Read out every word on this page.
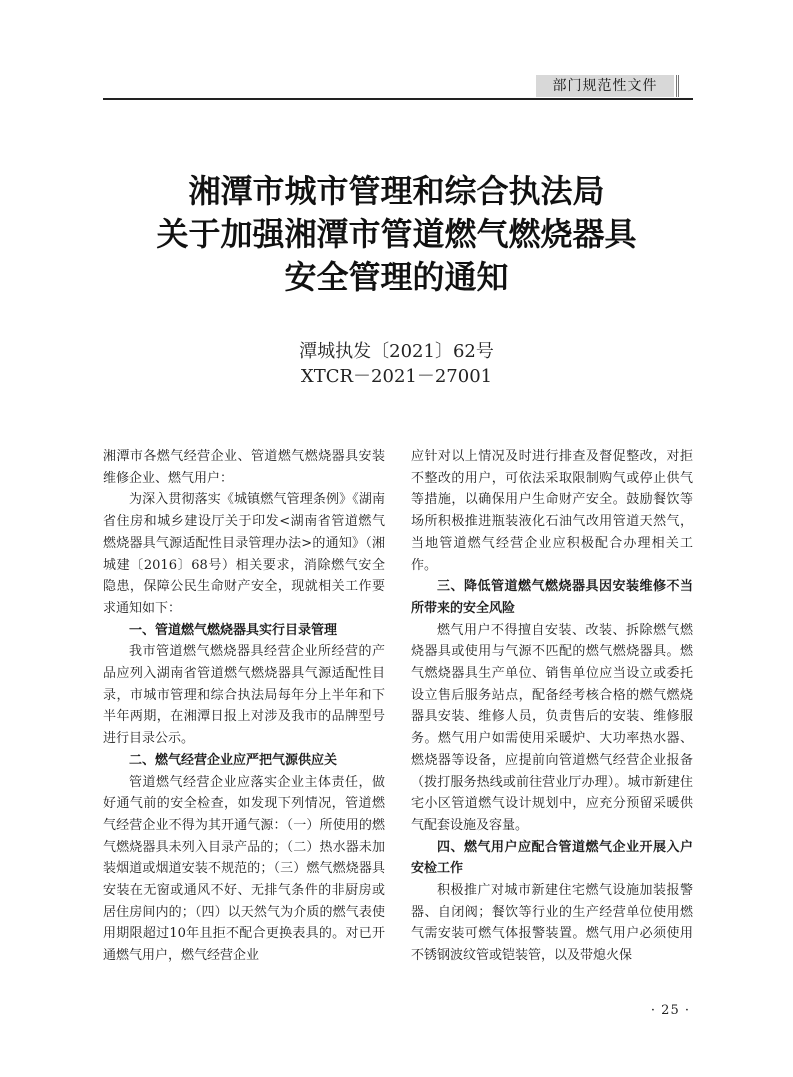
部门规范性文件
湘潭市城市管理和综合执法局
关于加强湘潭市管道燃气燃烧器具
安全管理的通知
潭城执发〔2021〕62号
XTCR－2021－27001

湘潭市各燃气经营企业、管道燃气燃烧器具安装维修企业、燃气用户：

为深入贯彻落实《城镇燃气管理条例》《湖南省住房和城乡建设厅关于印发<湖南省管道燃气燃烧器具气源适配性目录管理办法>的通知》（湘城建〔2016〕68号）相关要求，消除燃气安全隐患，保障公民生命财产安全，现就相关工作要求通知如下：

一、管道燃气燃烧器具实行目录管理

我市管道燃气燃烧器具经营企业所经营的产品应列入湖南省管道燃气燃烧器具气源适配性目录，市城市管理和综合执法局每年分上半年和下半年两期，在湘潭日报上对涉及我市的品牌型号进行目录公示。

二、燃气经营企业应严把气源供应关

管道燃气经营企业应落实企业主体责任，做好通气前的安全检查，如发现下列情况，管道燃气经营企业不得为其开通气源：（一）所使用的燃气燃烧器具未列入目录产品的；（二）热水器未加装烟道或烟道安装不规范的；（三）燃气燃烧器具安装在无窗或通风不好、无排气条件的非厨房或居住房间内的；（四）以天然气为介质的燃气表使用期限超过10年且拒不配合更换表具的。对已开通燃气用户，燃气经营企业

应针对以上情况及时进行排查及督促整改，对拒不整改的用户，可依法采取限制购气或停止供气等措施，以确保用户生命财产安全。鼓励餐饮等场所积极推进瓶装液化石油气改用管道天然气，当地管道燃气经营企业应积极配合办理相关工作。

三、降低管道燃气燃烧器具因安装维修不当所带来的安全风险

燃气用户不得擅自安装、改装、拆除燃气燃烧器具或使用与气源不匹配的燃气燃烧器具。燃气燃烧器具生产单位、销售单位应当设立或委托设立售后服务站点，配备经考核合格的燃气燃烧器具安装、维修人员，负责售后的安装、维修服务。燃气用户如需使用采暖炉、大功率热水器、燃烧器等设备，应提前向管道燃气经营企业报备（拨打服务热线或前往营业厅办理）。城市新建住宅小区管道燃气设计规划中，应充分预留采暖供气配套设施及容量。

四、燃气用户应配合管道燃气企业开展入户安检工作

积极推广对城市新建住宅燃气设施加装报警器、自闭阀；餐饮等行业的生产经营单位使用燃气需安装可燃气体报警装置。燃气用户必须使用不锈钢波纹管或铠装管，以及带熄火保

· 25 ·
